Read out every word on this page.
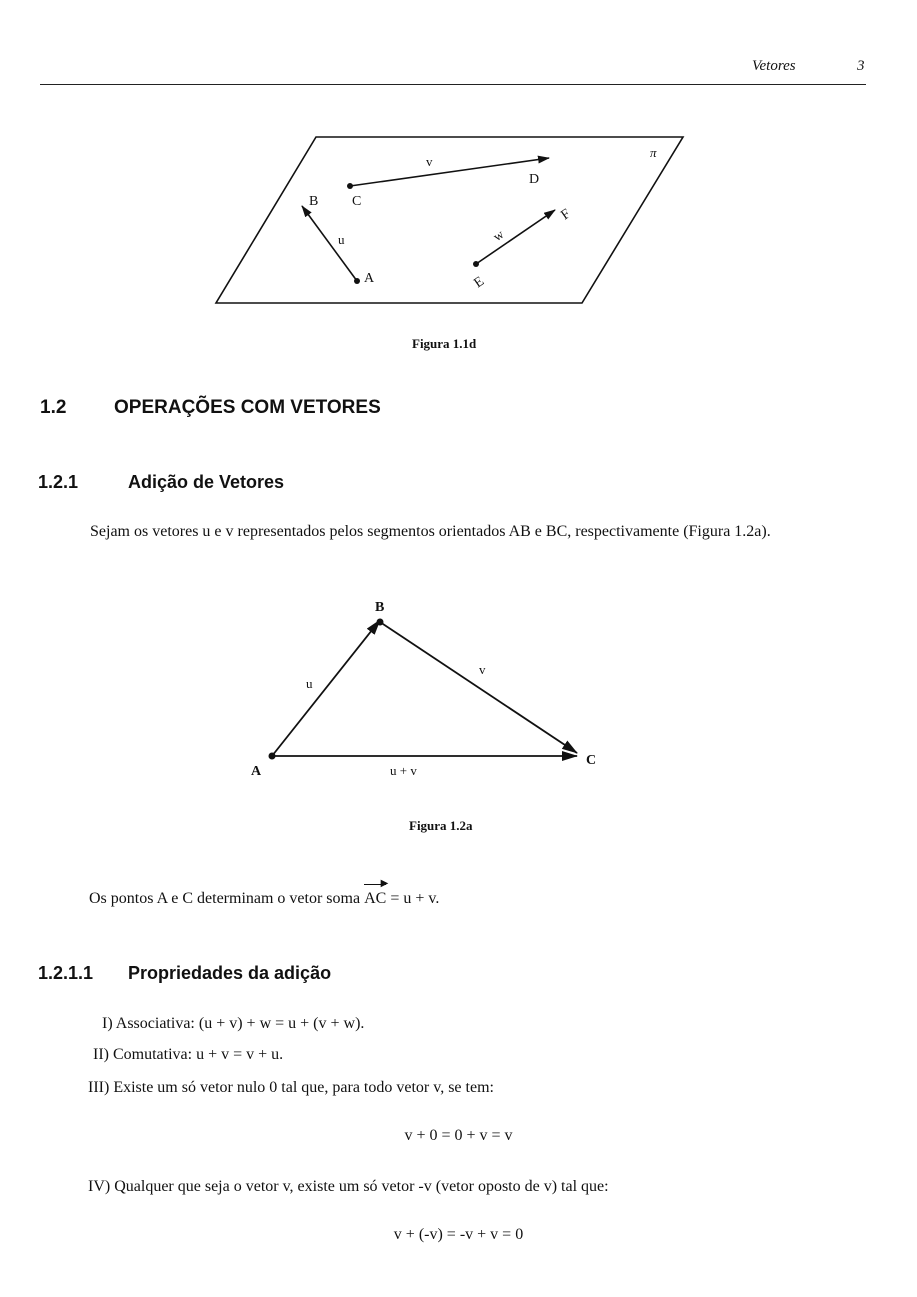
Vetores	3
π
A
B
u
C
D
v
E
F
w
Figura 1.1d
1.2	OPERAÇÕES COM VETORES
1.2.1	Adição de Vetores
Sejam os vetores u e v representados pelos segmentos orientados AB e BC, respectivamente (Figura 1.2a).
A
B
C
u
v
u + v
Figura 1.2a
Os pontos A e C determinam o vetor soma AC
▶
= u + v.
1.2.1.1 Propriedades da adição
I) Associativa: (u + v) + w = u + (v + w).
II) Comutativa: u + v = v + u.
III) Existe um só vetor nulo 0 tal que, para todo vetor v, se tem:
v + 0 = 0 + v = v
IV) Qualquer que seja o vetor v, existe um só vetor -v (vetor oposto de v) tal que:
v + (-v) = -v + v = 0
